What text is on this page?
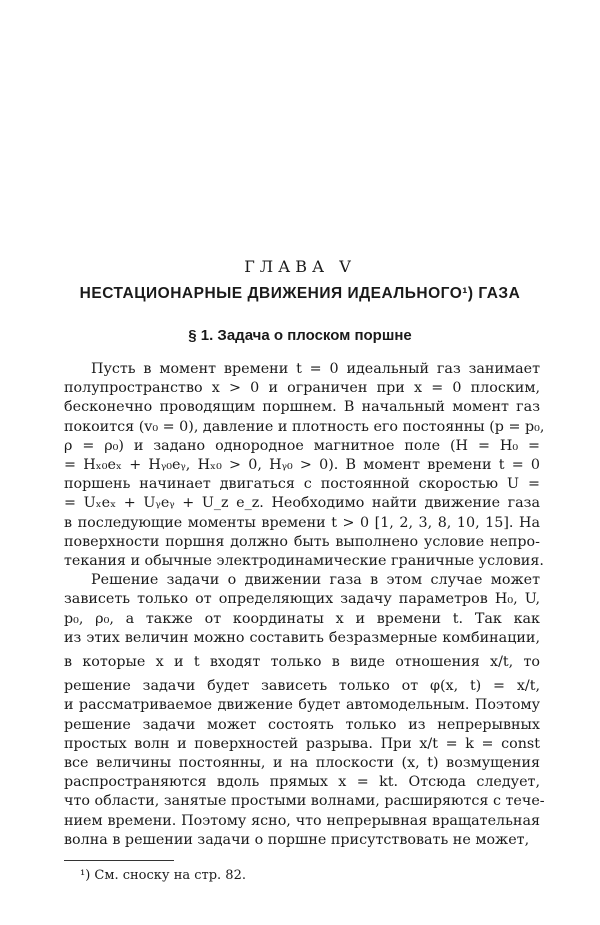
ГЛАВА V
НЕСТАЦИОНАРНЫЕ ДВИЖЕНИЯ ИДЕАЛЬНОГО¹) ГАЗА
§ 1. Задача о плоском поршне
Пусть в момент времени t = 0 идеальный газ занимает
полупространство x > 0 и ограничен при x = 0 плоским,
бесконечно проводящим поршнем. В начальный момент газ
покоится (v₀ = 0), давление и плотность его постоянны (p = p₀,
ρ = ρ₀) и задано однородное магнитное поле (H = H₀ =
= Hₓ₀eₓ + Hᵧ₀eᵧ, Hₓ₀ > 0, Hᵧ₀ > 0). В момент времени t = 0
поршень начинает двигаться с постоянной скоростью U =
= Uₓeₓ + Uᵧeᵧ + U_z e_z. Необходимо найти движение газа
в последующие моменты времени t > 0 [1, 2, 3, 8, 10, 15]. На
поверхности поршня должно быть выполнено условие непро-
текания и обычные электродинамические граничные условия.
Решение задачи о движении газа в этом случае может
зависеть только от определяющих задачу параметров H₀, U,
p₀, ρ₀, а также от координаты x и времени t. Так как
из этих величин можно составить безразмерные комбинации,
в которые x и t входят только в виде отношения x/t, то
решение задачи будет зависеть только от φ(x, t) = x/t,
и рассматриваемое движение будет автомодельным. Поэтому
решение задачи может состоять только из непрерывных
простых волн и поверхностей разрыва. При x/t = k = const
все величины постоянны, и на плоскости (x, t) возмущения
распространяются вдоль прямых x = kt. Отсюда следует,
что области, занятые простыми волнами, расширяются с тече-
нием времени. Поэтому ясно, что непрерывная вращательная
волна в решении задачи о поршне присутствовать не может,
¹) См. сноску на стр. 82.
